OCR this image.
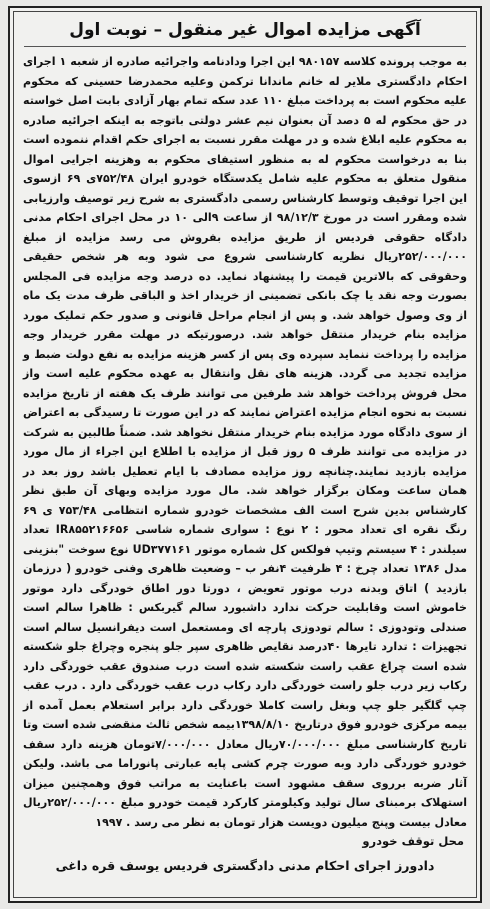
آگهی مزایده اموال غیر منقول – نوبت اول

به موجب پرونده کلاسه ۹۸۰۱۵۷ این اجرا ودادنامه واجرائیه صادره از شعبه ۱ اجرای احکام دادگستری ملایر له خانم ماندانا ترکمن وعلیه محمدرضا حسینی که محکوم علیه محکوم است به پرداخت مبلغ ۱۱۰ عدد سکه تمام بهار آزادی بابت اصل خواسته در حق محکوم له ۵ دصد آن بعنوان نیم عشر دولتی باتوجه به اینکه اجرائیه صادره به محکوم علیه ابلاغ شده و در مهلت مقرر نسبت به اجرای حکم اقدام ننموده است بنا به درخواست محکوم له به منظور استیفای محکوم به وهزینه اجرایی اموال منقول متعلق به محکوم علیه شامل یکدستگاه خودرو ایران ۷۵۲/۴۸ی ۶۹ ازسوی این اجرا توقیف وتوسط کارشناس رسمی دادگستری به شرح زیر توصیف وارزیابی شده ومقرر است در مورخ ۹۸/۱۲/۳ از ساعت ۹الی ۱۰ در محل اجرای احکام مدنی دادگاه حقوقی فردیس از طریق مزایده بفروش می رسد مزایده از مبلغ ۲۵۲/۰۰۰/۰۰۰ریال نظریه کارشناسی شروع می شود وبه هر شخص حقیقی وحقوقی که بالاترین قیمت را پیشنهاد نماید. ده درصد وجه مزایده فی المجلس بصورت وجه نقد یا چک بانکی تضمینی از خریدار اخذ و الباقی ظرف مدت یک ماه از وی وصول خواهد شد. و پس از انجام مراحل قانونی و صدور حکم تملیک مورد مزایده بنام خریدار منتقل خواهد شد. درصورتیکه در مهلت مقرر خریدار وجه مزایده را پرداخت ننماید سپرده وی پس از کسر هزینه مزایده به نفع دولت ضبط و مزایده تجدید می گردد. هزینه های نقل وانتقال به عهده محکوم علیه است واز محل فروش پرداخت خواهد شد طرفین می توانند ظرف یک هفته از تاریخ مزایده نسبت به نحوه انجام مزایده اعتراض نمایند که در این صورت تا رسیدگی به اعتراض از سوی دادگاه مورد مزایده بنام خریدار منتقل نخواهد شد. ضمناً طالبین به شرکت در مزایده می توانند ظرف ۵ روز قبل از مزایده با اطلاع این اجراء از مال مورد مزایده بازدید نمایند.چنانچه روز مزایده مصادف با ایام تعطیل باشد روز بعد در همان ساعت ومکان برگزار خواهد شد. مال مورد مزایده وبهای آن طبق نظر کارشناس بدین شرح است الف مشخصات خودرو شماره انتظامی ۷۵۳/۴۸ ی ۶۹ رنگ نقره ای تعداد محور : ۲ نوع : سواری شماره شاسی IR۸۵۵۲۱۶۶۵۶ تعداد سیلندر : ۴ سیستم وتیپ فولکس کل شماره موتور UD۳۷۷۱۶۱ نوع سوخت "بنزینی مدل ۱۳۸۶ تعداد چرخ : ۴ ظرفیت ۴نفر ب – وضعیت ظاهری وفنی خودرو ( درزمان بازدید ) اتاق وبدنه درب موتور تعویض ، دورتا دور اطاق خودرگی دارد موتور خاموش است وقابلیت حرکت ندارد داشبورد سالم گیربکس : ظاهرا سالم است صندلی وتودوزی : سالم تودوزی پارچه ای ومستعمل است دیفرانسیل سالم است تجهیزات : تدارد تایرها ۴۰درصد نقایص ظاهری سپر جلو پنجره وچراغ جلو شکسته شده است چراغ عقب راست شکسته شده است درب صندوق عقب خوردگی دارد رکاب زیر درب جلو راست خوردگی دارد رکاب درب عقب خوردگی دارد . درب عقب چپ گلگیر جلو چپ وبغل راست کاملا خوردگی دارد برابر استعلام بعمل آمده از بیمه مرکزی خودرو فوق درتاریخ ۱۳۹۸/۸/۱۰بیمه شخص ثالث منقضی شده است وتا تاریخ کارشناسی مبلغ ۷۰/۰۰۰/۰۰۰ریال معادل ۷/۰۰۰/۰۰۰تومان هزینه دارد سقف خودرو خوردگی دارد وبه صورت چرم کشی پایه عبارتی پانوراما می باشد. ولیکن آثار ضربه برروی سقف مشهود است باعنایت به مراتب فوق وهمچنین میزان استهلاک برمبنای سال تولید وکیلومتر کارکرد قیمت خودرو مبلغ ۲۵۲/۰۰۰/۰۰۰ریال معادل بیست وپنج میلیون دویست هزار تومان به نظر می رسد . ۱۹۹۷

محل توقف خودرو
دادورز اجرای احکام مدنی دادگستری فردیس یوسف قره داغی
